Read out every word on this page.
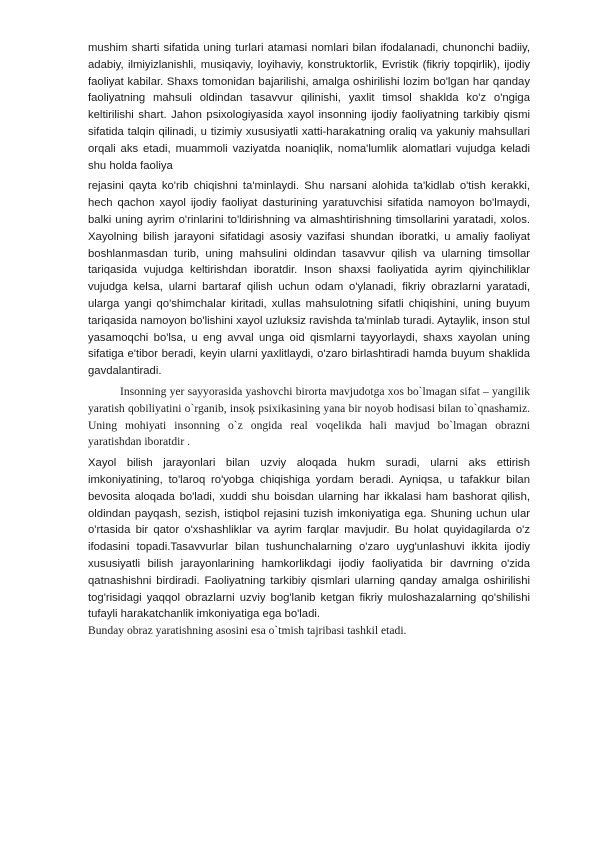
mushim sharti sifatida uning turlari atamasi nomlari bilan ifodalanadi, chunonchi badiiy, adabiy, ilmiyizlanishli, musiqaviy, loyihaviy, konstruktorlik, Evristik (fikriy topqirlik), ijodiy faoliyat kabilar. Shaxs tomonidan bajarilishi, amalga oshirilishi lozim bo'lgan har qanday faoliyatning mahsuli oldindan tasavvur qilinishi, yaxlit timsol shaklda ko'z o'ngiga keltirilishi shart. Jahon psixologiyasida xayol insonning ijodiy faoliyatning tarkibiy qismi sifatida talqin qilinadi, u tizimiy xususiyatli xatti-harakatning oraliq va yakuniy mahsullari orqali aks etadi, muammoli vaziyatda noaniqlik, noma'lumlik alomatlari vujudga keladi shu holda faoliya

rejasini qayta ko'rib chiqishni ta'minlaydi. Shu narsani alohida ta'kidlab o'tish kerakki, hech qachon xayol ijodiy faoliyat dasturining yaratuvchisi sifatida namoyon bo'lmaydi, balki uning ayrim o'rinlarini to'ldirishning va almashtirishning timsollarini yaratadi, xolos. Xayolning bilish jarayoni sifatidagi asosiy vazifasi shundan iboratki, u amaliy faoliyat boshlanmasdan turib, uning mahsulini oldindan tasavvur qilish va ularning timsollar tariqasida vujudga keltirishdan iboratdir. Inson shaxsi faoliyatida ayrim qiyinchiliklar vujudga kelsa, ularni bartaraf qilish uchun odam o'ylanadi, fikriy obrazlarni yaratadi, ularga yangi qo'shimchalar kiritadi, xullas mahsulotning sifatli chiqishini, uning buyum tariqasida namoyon bo'lishini xayol uzluksiz ravishda ta'minlab turadi. Aytaylik, inson stul yasamoqchi bo'lsa, u eng avval unga oid qismlarni tayyorlaydi, shaxs xayolan uning sifatiga e'tibor beradi, keyin ularni yaxlitlaydi, o'zaro birlashtiradi hamda buyum shaklida gavdalantiradi.

Insonning yer sayyorasida yashovchi birorta mavjudotga xos bo`lmagan sifat – yangilik yaratish qobiliyatini o`rganib, insoķ psixikasining yana bir noyob hodisasi bilan to`qnashamiz. Uning mohiyati insonning o`z ongida real voqelikda hali mavjud bo`lmagan obrazni yaratishdan iboratdir .

Xayol bilish jarayonlari bilan uzviy aloqada hukm suradi, ularni aks ettirish imkoniyatining, to'laroq ro'yobga chiqishiga yordam beradi. Ayniqsa, u tafakkur bilan bevosita aloqada bo'ladi, xuddi shu boisdan ularning har ikkalasi ham bashorat qilish, oldindan payqash, sezish, istiqbol rejasini tuzish imkoniyatiga ega. Shuning uchun ular o'rtasida bir qator o'xshashliklar va ayrim farqlar mavjudir. Bu holat quyidagilarda o'z ifodasini topadi.Tasavvurlar bilan tushunchalarning o'zaro uyg'unlashuvi ikkita ijodiy xususiyatli bilish jarayonlarining hamkorlikdagi ijodiy faoliyatida bir davrning o'zida qatnashishni birdiradi. Faoliyatning tarkibiy qismlari ularning qanday amalga oshirilishi tog'risidagi yaqqol obrazlarni uzviy bog'lanib ketgan fikriy muloshazalarning qo'shilishi tufayli harakatchanlik imkoniyatiga ega bo'ladi.

Bunday obraz yaratishning asosini esa o`tmish tajribasi tashkil etadi.
